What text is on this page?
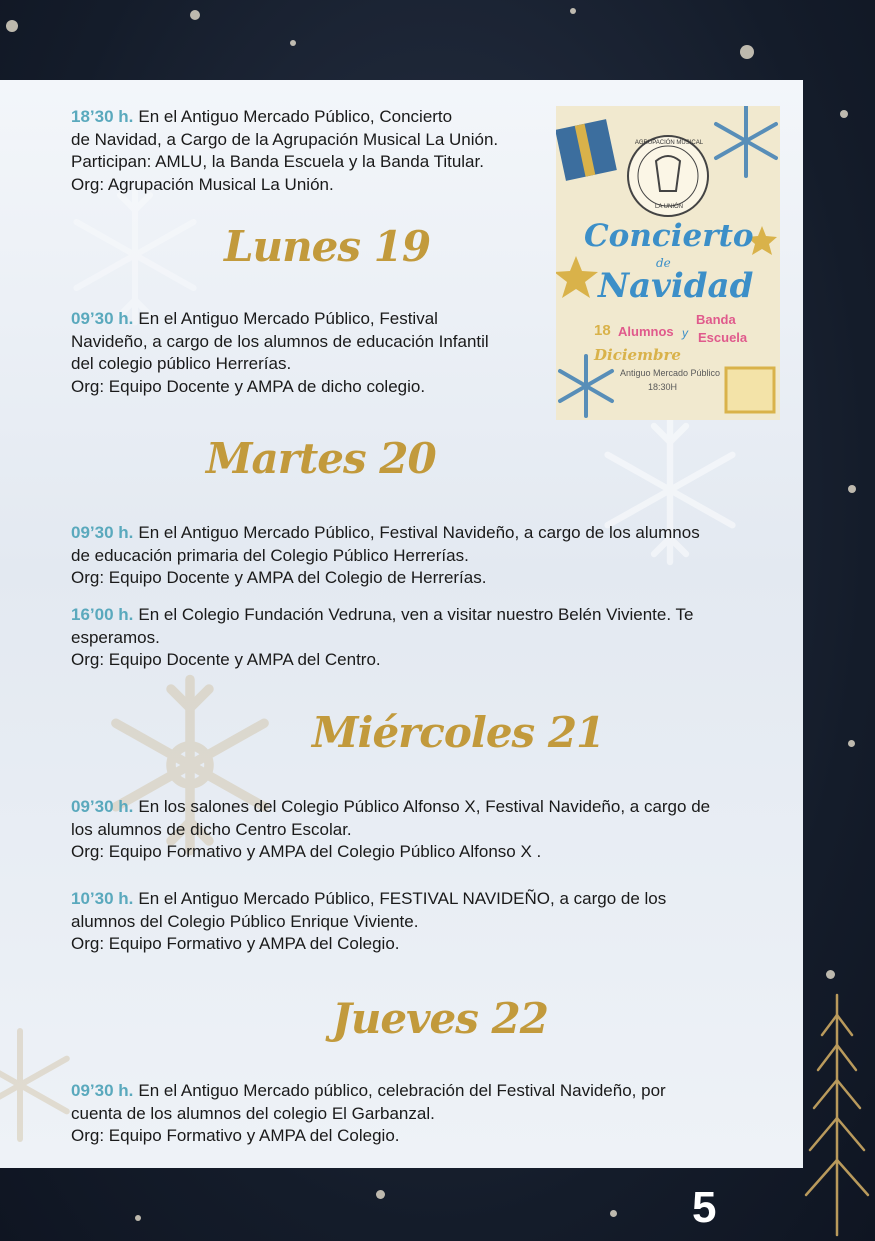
AGRUPACIÓN MUSICAL
LA UNIÓN
Concierto
de
Navidad
18
Diciembre
Alumnos y
Banda
Escuela
Antiguo Mercado Público
18:30H
18’30 h. En el Antiguo Mercado Público, Concierto
de Navidad, a Cargo de la Agrupación Musical La Unión.
Participan: AMLU, la Banda Escuela y la Banda Titular.
Org: Agrupación Musical La Unión.
Lunes 19
09’30 h. En el Antiguo Mercado Público, Festival
Navideño, a cargo de los alumnos de educación Infantil
del colegio público Herrerías.
Org: Equipo Docente y AMPA de dicho colegio.
Martes 20
09’30 h. En el Antiguo Mercado Público, Festival Navideño, a cargo de los alumnos
de educación primaria del Colegio Público Herrerías.
Org: Equipo Docente y AMPA del Colegio de Herrerías.
16’00 h. En el Colegio Fundación Vedruna, ven a visitar nuestro Belén Viviente. Te
esperamos.
Org: Equipo Docente y AMPA del Centro.
Miércoles 21
09’30 h. En los salones del Colegio Público Alfonso X, Festival Navideño, a cargo de
los alumnos de dicho Centro Escolar.
Org: Equipo Formativo y AMPA del Colegio Público Alfonso X .
10’30 h. En el Antiguo Mercado Público, FESTIVAL NAVIDEÑO, a cargo de los
alumnos del Colegio Público Enrique Viviente.
Org: Equipo Formativo y AMPA del Colegio.
Jueves 22
09’30 h. En el Antiguo Mercado público, celebración del Festival Navideño, por
cuenta de los alumnos del colegio El Garbanzal.
Org: Equipo Formativo y AMPA del Colegio.
5
